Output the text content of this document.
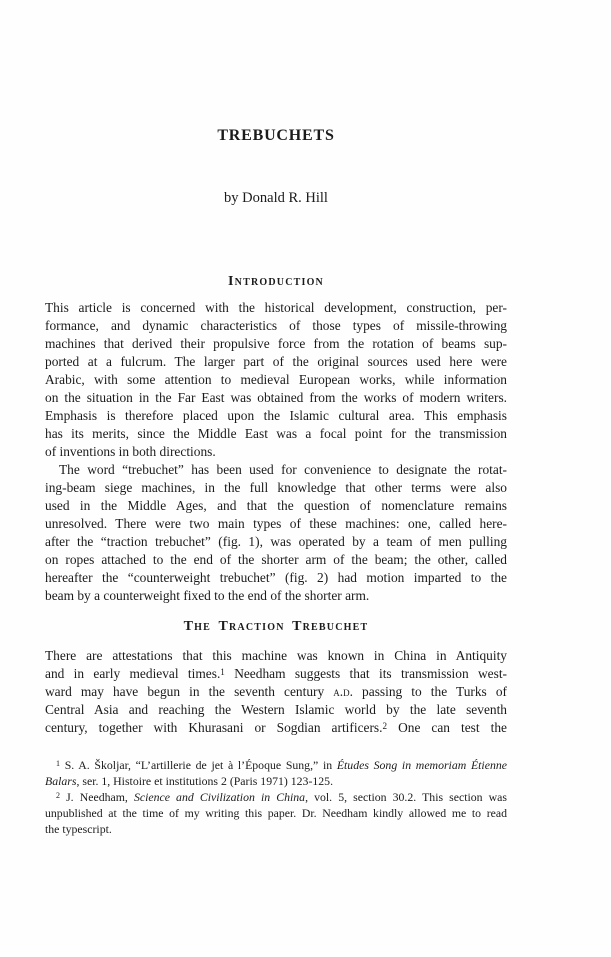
TREBUCHETS
by Donald R. Hill
Introduction
This article is concerned with the historical development, construction, per-
formance, and dynamic characteristics of those types of missile-throwing
machines that derived their propulsive force from the rotation of beams sup-
ported at a fulcrum. The larger part of the original sources used here were
Arabic, with some attention to medieval European works, while information
on the situation in the Far East was obtained from the works of modern writers.
Emphasis is therefore placed upon the Islamic cultural area. This emphasis
has its merits, since the Middle East was a focal point for the transmission
of inventions in both directions.
The word “trebuchet” has been used for convenience to designate the rotat-
ing-beam siege machines, in the full knowledge that other terms were also
used in the Middle Ages, and that the question of nomenclature remains
unresolved. There were two main types of these machines: one, called here-
after the “traction trebuchet” (fig. 1), was operated by a team of men pulling
on ropes attached to the end of the shorter arm of the beam; the other, called
hereafter the “counterweight trebuchet” (fig. 2) had motion imparted to the
beam by a counterweight fixed to the end of the shorter arm.
The Traction Trebuchet
There are attestations that this machine was known in China in Antiquity
and in early medieval times.$^1$ Needham suggests that its transmission west-
ward may have begun in the seventh century a.d. passing to the Turks of
Central Asia and reaching the Western Islamic world by the late seventh
century, together with Khurasani or Sogdian artificers.$^2$ One can test the
$^1$ S. A. Školjar, “L’artillerie de jet à l’Époque Sung,” in Études Song in memoriam Étienne
Balars, ser. 1, Histoire et institutions 2 (Paris 1971) 123-125.
$^2$ J. Needham, Science and Civilization in China, vol. 5, section 30.2. This section was
unpublished at the time of my writing this paper. Dr. Needham kindly allowed me to read
the typescript.
